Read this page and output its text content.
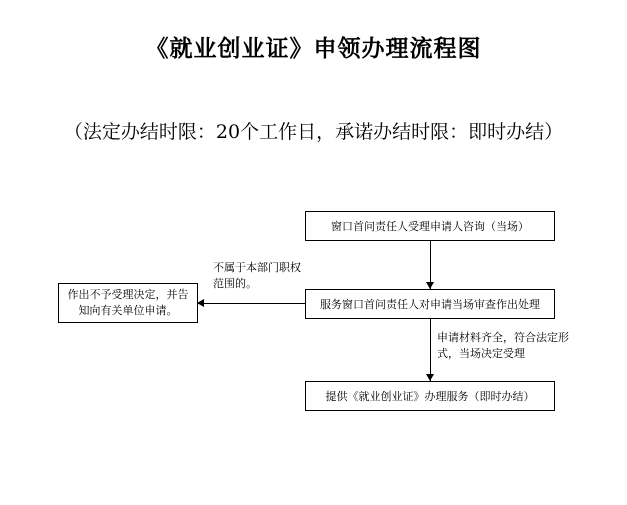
《就业创业证》申领办理流程图
（法定办结时限：20个工作日，承诺办结时限：即时办结）
窗口首问责任人受理申请人咨询（当场）
服务窗口首问责任人对申请当场审查作出处理
不属于本部门职权范围的。
作出不予受理决定，并告知向有关单位申请。
申请材料齐全，符合法定形式，当场决定受理
提供《就业创业证》办理服务（即时办结）
